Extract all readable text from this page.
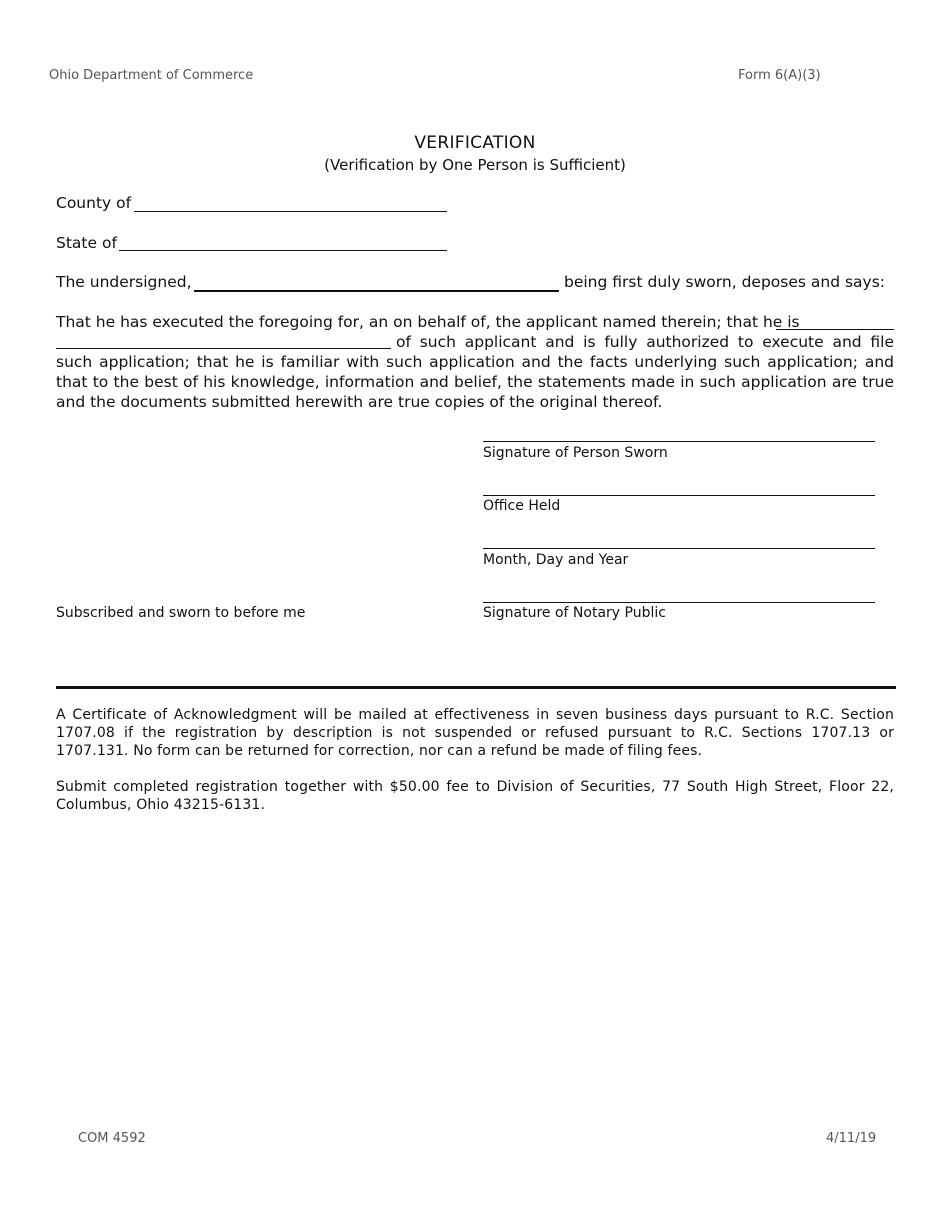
Ohio Department of Commerce	Form 6(A)(3)
VERIFICATION
(Verification by One Person is Sufficient)
County of
State of
The undersigned,	being first duly sworn, deposes and says:
That he has executed the foregoing for, an on behalf of, the applicant named therein; that he is
of such applicant and is fully authorized to execute and file such application; that he is familiar with such application and the facts underlying such application; and that to the best of his knowledge, information and belief, the statements made in such application are true and the documents submitted herewith are true copies of the original thereof.
Signature of Person Sworn
Office Held
Month, Day and Year
Subscribed and sworn to before me	Signature of Notary Public
A Certificate of Acknowledgment will be mailed at effectiveness in seven business days pursuant to R.C. Section 1707.08 if the registration by description is not suspended or refused pursuant to R.C. Sections 1707.13 or 1707.131. No form can be returned for correction, nor can a refund be made of filing fees.
Submit completed registration together with $50.00 fee to Division of Securities, 77 South High Street, Floor 22, Columbus, Ohio 43215-6131.
COM 4592	4/11/19
